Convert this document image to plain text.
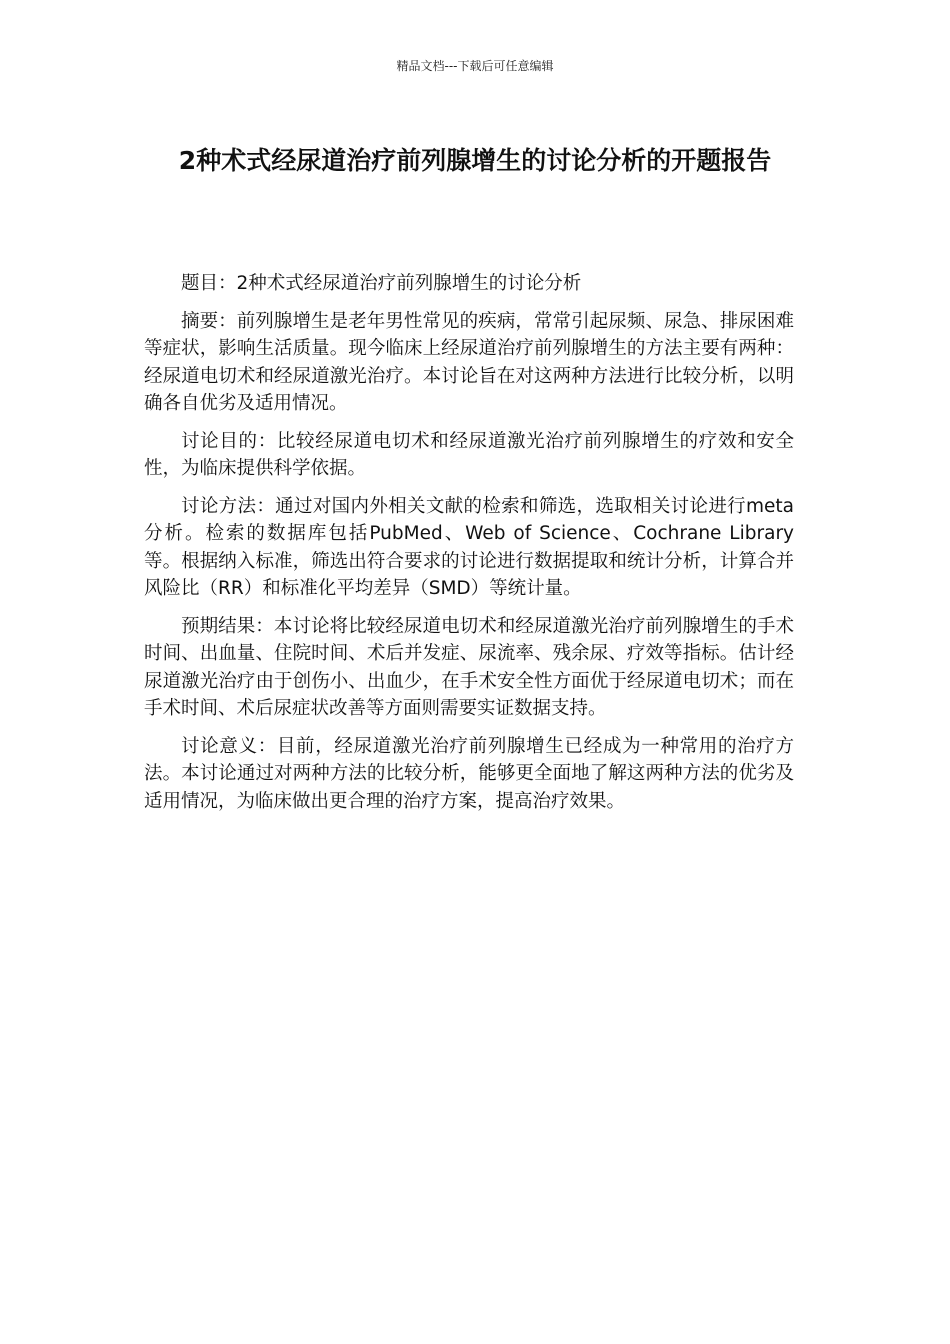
精品文档---下载后可任意编辑
2种术式经尿道治疗前列腺增生的讨论分析的开题报告

题目：2种术式经尿道治疗前列腺增生的讨论分析

摘要：前列腺增生是老年男性常见的疾病，常常引起尿频、尿急、排尿困难等症状，影响生活质量。现今临床上经尿道治疗前列腺增生的方法主要有两种：经尿道电切术和经尿道激光治疗。本讨论旨在对这两种方法进行比较分析，以明确各自优劣及适用情况。

讨论目的：比较经尿道电切术和经尿道激光治疗前列腺增生的疗效和安全性，为临床提供科学依据。

讨论方法：通过对国内外相关文献的检索和筛选，选取相关讨论进行meta分析。检索的数据库包括PubMed、Web of Science、Cochrane Library等。根据纳入标准，筛选出符合要求的讨论进行数据提取和统计分析，计算合并风险比（RR）和标准化平均差异（SMD）等统计量。

预期结果：本讨论将比较经尿道电切术和经尿道激光治疗前列腺增生的手术时间、出血量、住院时间、术后并发症、尿流率、残余尿、疗效等指标。估计经尿道激光治疗由于创伤小、出血少，在手术安全性方面优于经尿道电切术；而在手术时间、术后尿症状改善等方面则需要实证数据支持。

讨论意义：目前，经尿道激光治疗前列腺增生已经成为一种常用的治疗方法。本讨论通过对两种方法的比较分析，能够更全面地了解这两种方法的优劣及适用情况，为临床做出更合理的治疗方案，提高治疗效果。
